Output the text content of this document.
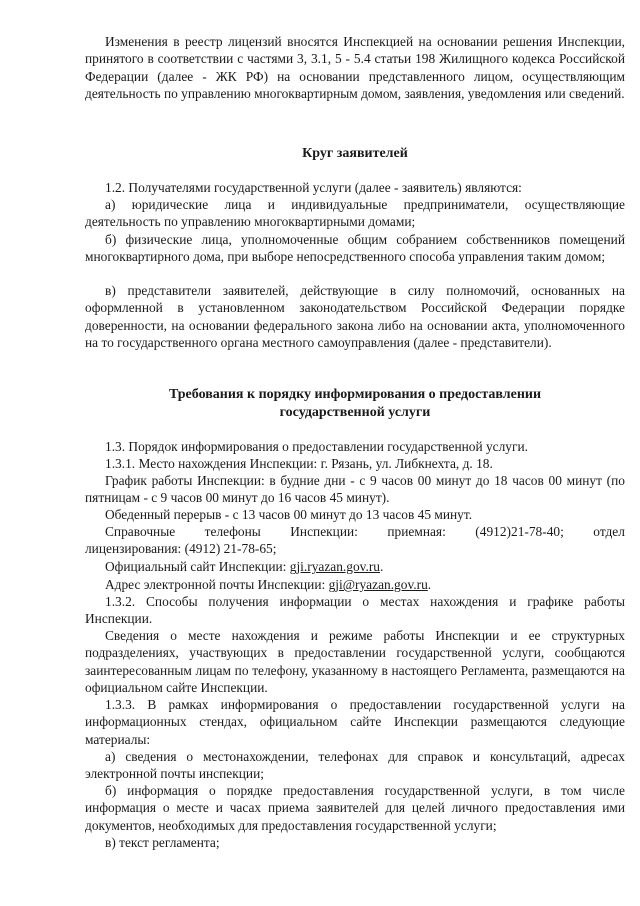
Изменения в реестр лицензий вносятся Инспекцией на основании решения Инспекции, принятого в соответствии с частями 3, 3.1, 5 - 5.4 статьи 198 Жилищного кодекса Российской Федерации (далее - ЖК РФ) на основании представленного лицом, осуществляющим деятельность по управлению многоквартирным домом, заявления, уведомления или сведений.

Круг заявителей

1.2. Получателями государственной услуги (далее - заявитель) являются:

а) юридические лица и индивидуальные предприниматели, осуществляющие деятельность по управлению многоквартирными домами;

б) физические лица, уполномоченные общим собранием собственников помещений многоквартирного дома, при выборе непосредственного способа управления таким домом;

в) представители заявителей, действующие в силу полномочий, основанных на оформленной в установленном законодательством Российской Федерации порядке доверенности, на основании федерального закона либо на основании акта, уполномоченного на то государственного органа местного самоуправления (далее - представители).

Требования к порядку информирования о предоставлении государственной услуги

1.3. Порядок информирования о предоставлении государственной услуги.

1.3.1. Место нахождения Инспекции: г. Рязань, ул. Либкнехта, д. 18.

График работы Инспекции: в будние дни - с 9 часов 00 минут до 18 часов 00 минут (по пятницам - с 9 часов 00 минут до 16 часов 45 минут).

Обеденный перерыв - с 13 часов 00 минут до 13 часов 45 минут.

Справочные телефоны Инспекции: приемная: (4912)21-78-40; отдел
лицензирования: (4912) 21-78-65;

Официальный сайт Инспекции: gji.ryazan.gov.ru.

Адрес электронной почты Инспекции: gji@ryazan.gov.ru.

1.3.2. Способы получения информации о местах нахождения и графике работы Инспекции.

Сведения о месте нахождения и режиме работы Инспекции и ее структурных подразделениях, участвующих в предоставлении государственной услуги, сообщаются заинтересованным лицам по телефону, указанному в настоящего Регламента, размещаются на официальном сайте Инспекции.

1.3.3. В рамках информирования о предоставлении государственной услуги на информационных стендах, официальном сайте Инспекции размещаются следующие материалы:

а) сведения о местонахождении, телефонах для справок и консультаций, адресах электронной почты инспекции;

б) информация о порядке предоставления государственной услуги, в том числе информация о месте и часах приема заявителей для целей личного предоставления ими документов, необходимых для предоставления государственной услуги;

в) текст регламента;
